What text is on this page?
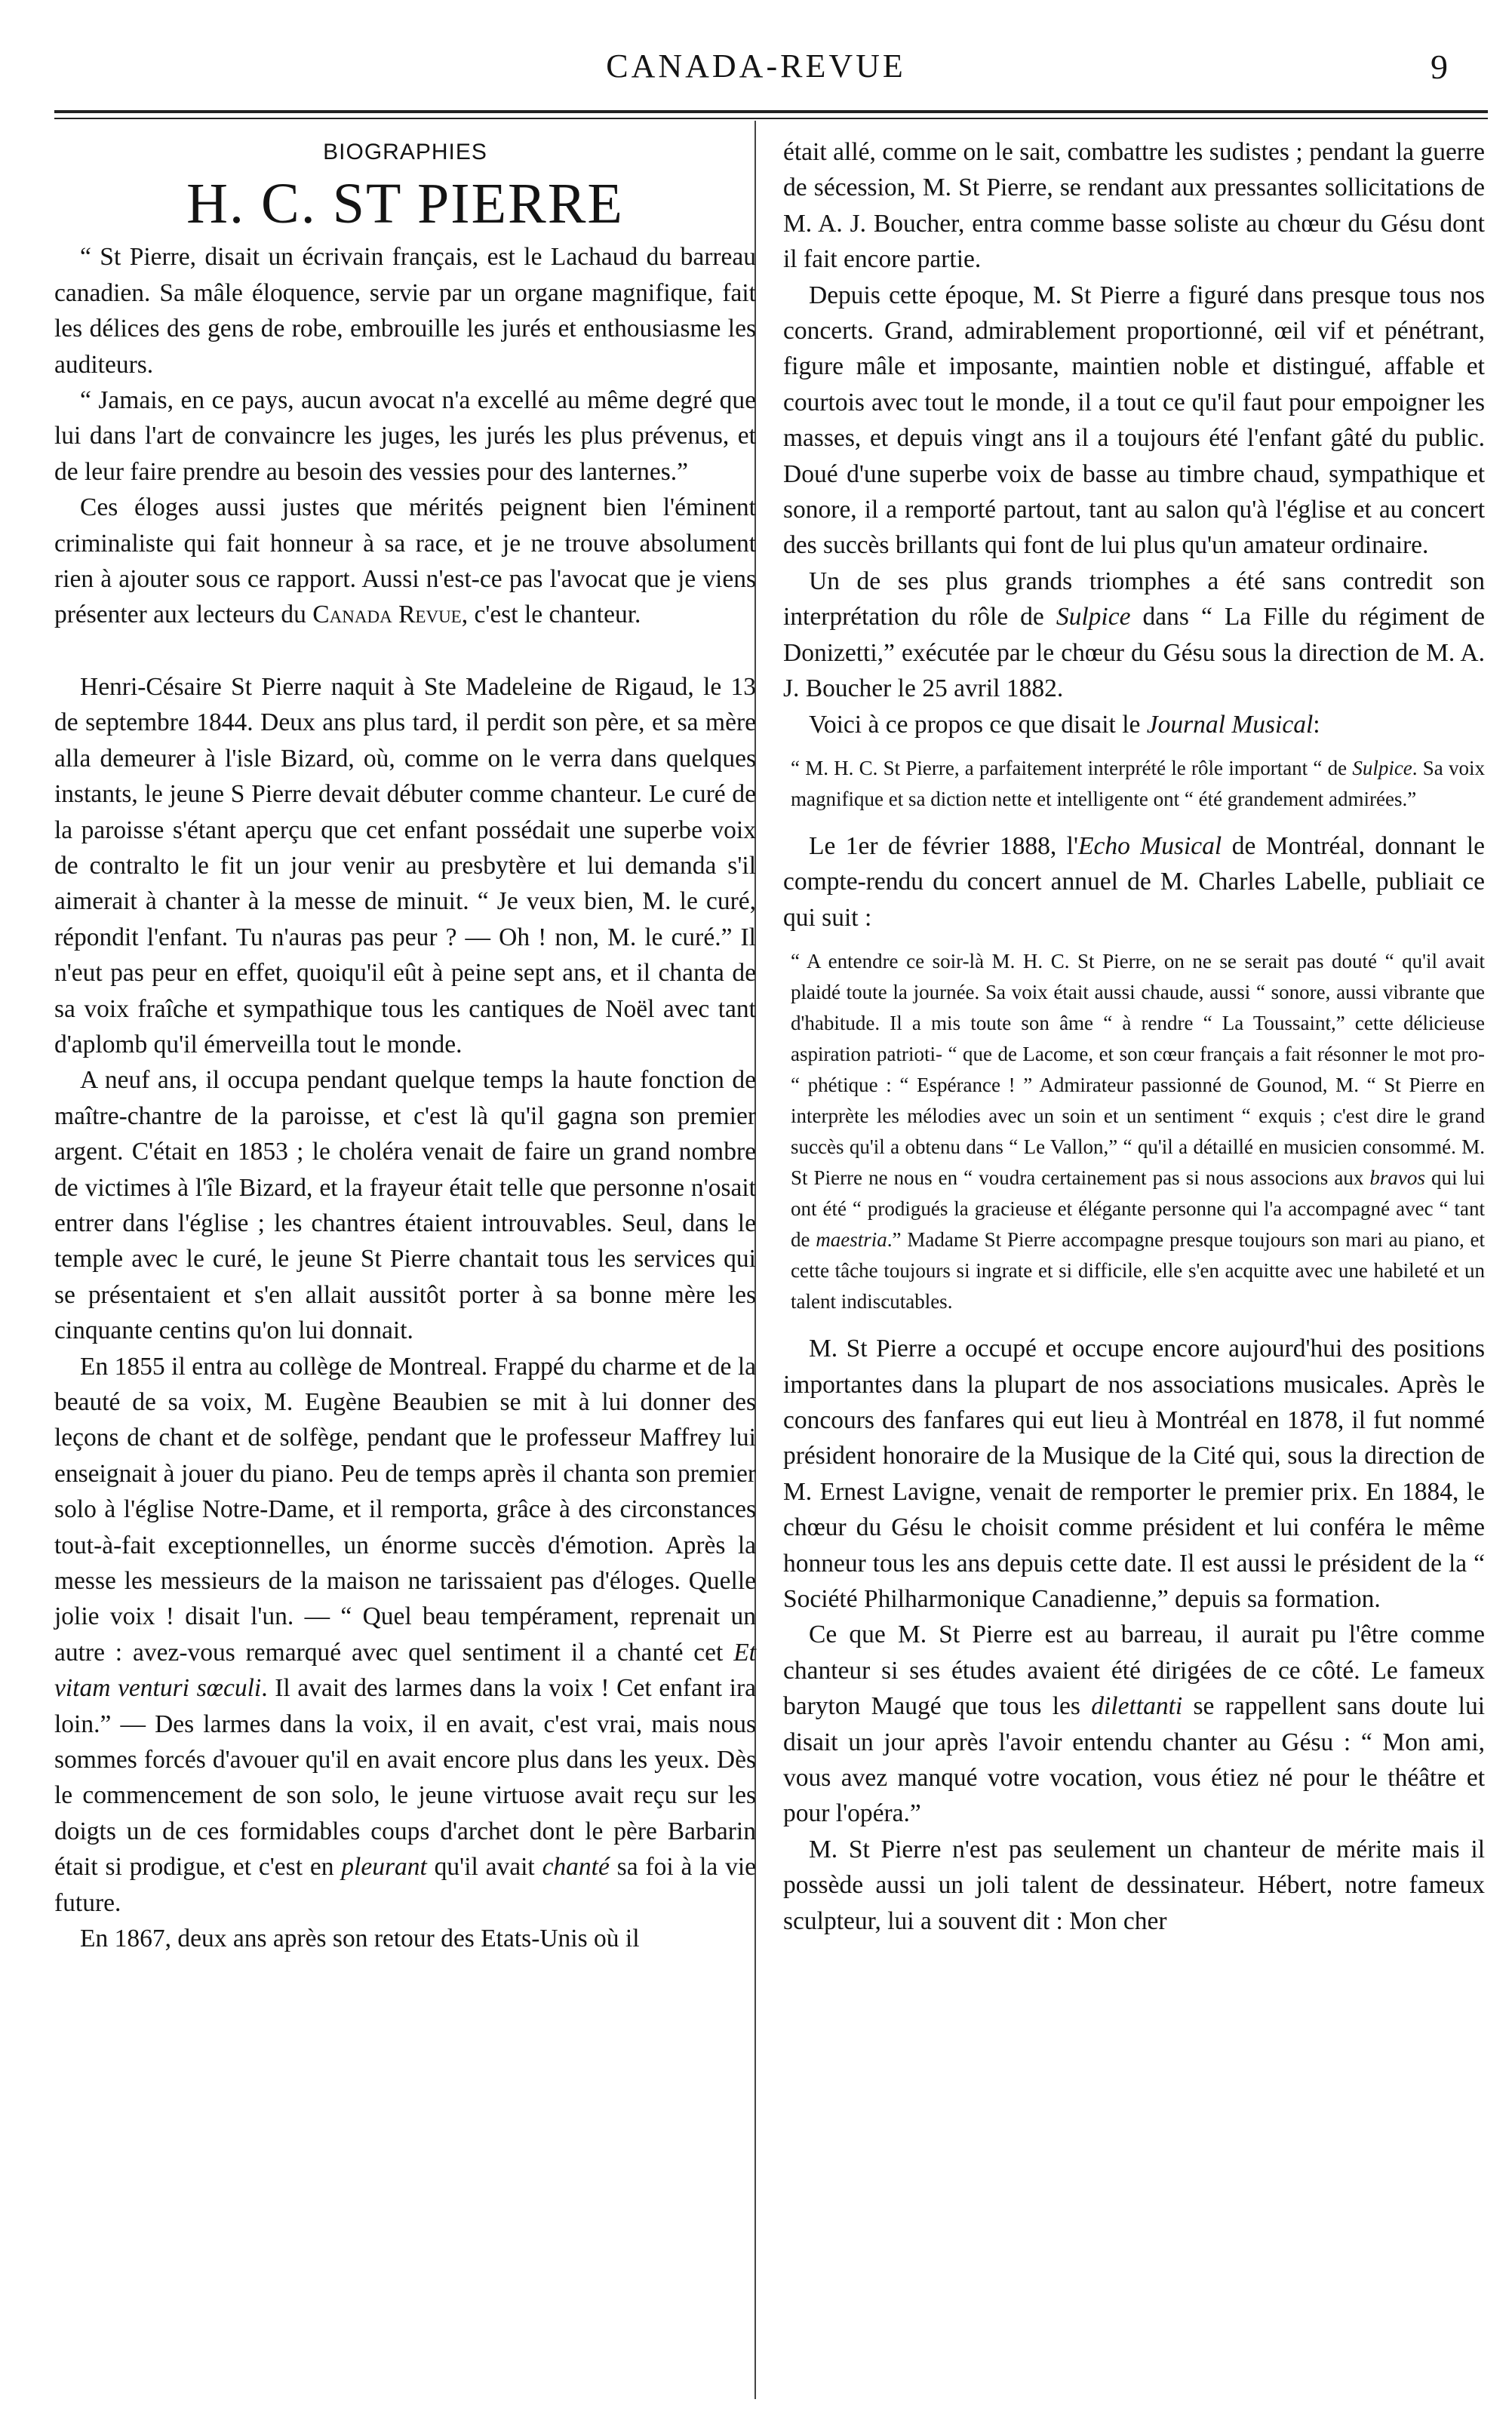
CANADA-REVUE	9

BIOGRAPHIES

H. C. ST PIERRE

“ St Pierre, disait un écrivain français, est le Lachaud du barreau canadien. Sa mâle éloquence, servie par un organe magnifique, fait les délices des gens de robe, embrouille les jurés et enthousiasme les auditeurs.

“ Jamais, en ce pays, aucun avocat n'a excellé au même degré que lui dans l'art de convaincre les juges, les jurés les plus prévenus, et de leur faire prendre au besoin des vessies pour des lanternes.”

Ces éloges aussi justes que mérités peignent bien l'éminent criminaliste qui fait honneur à sa race, et je ne trouve absolument rien à ajouter sous ce rapport. Aussi n'est-ce pas l'avocat que je viens présenter aux lecteurs du Canada Revue, c'est le chanteur.

Henri-Césaire St Pierre naquit à Ste Madeleine de Rigaud, le 13 de septembre 1844. Deux ans plus tard, il perdit son père, et sa mère alla demeurer à l'isle Bizard, où, comme on le verra dans quelques instants, le jeune S Pierre devait débuter comme chanteur. Le curé de la paroisse s'étant aperçu que cet enfant possédait une superbe voix de contralto le fit un jour venir au presbytère et lui demanda s'il aimerait à chanter à la messe de minuit. “ Je veux bien, M. le curé, répondit l'enfant. Tu n'auras pas peur ? — Oh ! non, M. le curé.” Il n'eut pas peur en effet, quoiqu'il eût à peine sept ans, et il chanta de sa voix fraîche et sympathique tous les cantiques de Noël avec tant d'aplomb qu'il émerveilla tout le monde.

A neuf ans, il occupa pendant quelque temps la haute fonction de maître-chantre de la paroisse, et c'est là qu'il gagna son premier argent. C'était en 1853 ; le choléra venait de faire un grand nombre de victimes à l'île Bizard, et la frayeur était telle que personne n'osait entrer dans l'église ; les chantres étaient introuvables. Seul, dans le temple avec le curé, le jeune St Pierre chantait tous les services qui se présentaient et s'en allait aussitôt porter à sa bonne mère les cinquante centins qu'on lui donnait.

En 1855 il entra au collège de Montreal. Frappé du charme et de la beauté de sa voix, M. Eugène Beaubien se mit à lui donner des leçons de chant et de solfège, pendant que le professeur Maffrey lui enseignait à jouer du piano. Peu de temps après il chanta son premier solo à l'église Notre-Dame, et il remporta, grâce à des circonstances tout-à-fait exceptionnelles, un énorme succès d'émotion. Après la messe les messieurs de la maison ne tarissaient pas d'éloges. Quelle jolie voix ! disait l'un. — “ Quel beau tempérament, reprenait un autre : avez-vous remarqué avec quel sentiment il a chanté cet Et vitam venturi sœculi. Il avait des larmes dans la voix ! Cet enfant ira loin.” — Des larmes dans la voix, il en avait, c'est vrai, mais nous sommes forcés d'avouer qu'il en avait encore plus dans les yeux. Dès le commencement de son solo, le jeune virtuose avait reçu sur les doigts un de ces formidables coups d'archet dont le père Barbarin était si prodigue, et c'est en pleurant qu'il avait chanté sa foi à la vie future.

En 1867, deux ans après son retour des Etats-Unis où il

était allé, comme on le sait, combattre les sudistes ; pendant la guerre de sécession, M. St Pierre, se rendant aux pressantes sollicitations de M. A. J. Boucher, entra comme basse soliste au chœur du Gésu dont il fait encore partie.

Depuis cette époque, M. St Pierre a figuré dans presque tous nos concerts. Grand, admirablement proportionné, œil vif et pénétrant, figure mâle et imposante, maintien noble et distingué, affable et courtois avec tout le monde, il a tout ce qu'il faut pour empoigner les masses, et depuis vingt ans il a toujours été l'enfant gâté du public. Doué d'une superbe voix de basse au timbre chaud, sympathique et sonore, il a remporté partout, tant au salon qu'à l'église et au concert des succès brillants qui font de lui plus qu'un amateur ordinaire.

Un de ses plus grands triomphes a été sans contredit son interprétation du rôle de Sulpice dans “ La Fille du régiment de Donizetti,” exécutée par le chœur du Gésu sous la direction de M. A. J. Boucher le 25 avril 1882.

Voici à ce propos ce que disait le Journal Musical:

“ M. H. C. St Pierre, a parfaitement interprété le rôle important “ de Sulpice. Sa voix magnifique et sa diction nette et intelligente ont “ été grandement admirées.”

Le 1er de février 1888, l'Echo Musical de Montréal, donnant le compte-rendu du concert annuel de M. Charles Labelle, publiait ce qui suit :

“ A entendre ce soir-là M. H. C. St Pierre, on ne se serait pas douté “ qu'il avait plaidé toute la journée. Sa voix était aussi chaude, aussi “ sonore, aussi vibrante que d'habitude. Il a mis toute son âme “ à rendre “ La Toussaint,” cette délicieuse aspiration patrioti- “ que de Lacome, et son cœur français a fait résonner le mot pro- “ phétique : “ Espérance ! ” Admirateur passionné de Gounod, M. “ St Pierre en interprète les mélodies avec un soin et un sentiment “ exquis ; c'est dire le grand succès qu'il a obtenu dans “ Le Vallon,” “ qu'il a détaillé en musicien consommé. M. St Pierre ne nous en “ voudra certainement pas si nous associons aux bravos qui lui ont été “ prodigués la gracieuse et élégante personne qui l'a accompagné avec “ tant de maestria.” Madame St Pierre accompagne presque toujours son mari au piano, et cette tâche toujours si ingrate et si difficile, elle s'en acquitte avec une habileté et un talent indiscutables.

M. St Pierre a occupé et occupe encore aujourd'hui des positions importantes dans la plupart de nos associations musicales. Après le concours des fanfares qui eut lieu à Montréal en 1878, il fut nommé président honoraire de la Musique de la Cité qui, sous la direction de M. Ernest Lavigne, venait de remporter le premier prix. En 1884, le chœur du Gésu le choisit comme président et lui conféra le même honneur tous les ans depuis cette date. Il est aussi le président de la “ Société Philharmonique Canadienne,” depuis sa formation.

Ce que M. St Pierre est au barreau, il aurait pu l'être comme chanteur si ses études avaient été dirigées de ce côté. Le fameux baryton Maugé que tous les dilettanti se rappellent sans doute lui disait un jour après l'avoir entendu chanter au Gésu : “ Mon ami, vous avez manqué votre vocation, vous étiez né pour le théâtre et pour l'opéra.”

M. St Pierre n'est pas seulement un chanteur de mérite mais il possède aussi un joli talent de dessinateur. Hébert, notre fameux sculpteur, lui a souvent dit : Mon cher
